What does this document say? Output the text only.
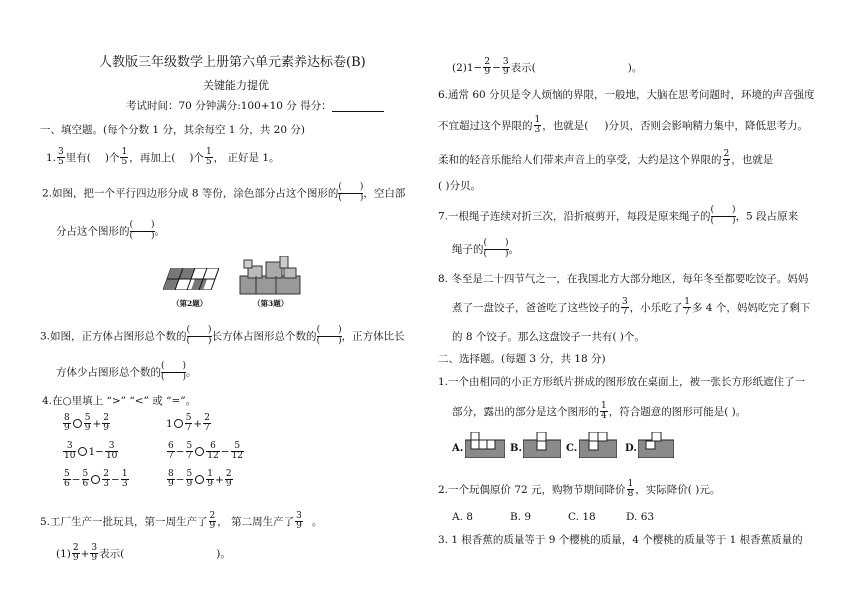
人教版三年级数学上册第六单元素养达标卷(B)
关键能力提优
考试时间：70 分钟满分:100+10 分 得分：
一、填空题。(每个分数 1 分，其余每空 1 分，共 20 分)
1. $\frac{3}{5}$ 里有( )个 $\frac{1}{5}$ ，再加上( )个 $\frac{1}{5}$ ， 正好是 1。
2.如图，把一个平行四边形分成 8 等份，涂色部分占这个图形的
(  )
(  ) ，空白部
分占这个图形的
(  )
(  ) 。
（第2题）	（第3题）
3.如图，正方体占图形总个数的
(  )
(  ) 长方体占图形总个数的
(  )
(  ) ，正方体比长
方体少占图形总个数的
(  )
(  ) 。
4.在○里填上 “>” “<” 或 “=”。
$\frac{8}{9} \frac{5}{9} + \frac{2}{9}$	$1 \frac{5}{7} + \frac{2}{7}$
$\frac{3}{10} 1- \frac{3}{10}$	$\frac{6}{7} - \frac{5}{7} \frac{6}{12} - \frac{5}{12}$
$\frac{5}{6} - \frac{5}{6} \frac{2}{3} - \frac{1}{3}$	$\frac{8}{9} - \frac{5}{9} \frac{1}{9} + \frac{2}{9}$
5.工厂生产一批玩具，第一周生产了 $\frac{2}{9}$ ， 第二周生产了 $\frac{3}{9}$ 。
$(1) \frac{2}{9} + \frac{3}{9}$ 表示(	)。
$(2)1- \frac{2}{9} - \frac{3}{9}$ 表示(	)。
6.通常 60 分贝是令人烦恼的界限，一般地，大脑在思考问题时，环境的声音强度
不宜超过这个界限的 $\frac{1}{3}$ ，也就是( )分贝，否则会影响精力集中，降低思考力。
柔和的轻音乐能给人们带来声音上的享受，大约是这个界限的 $\frac{2}{3}$ ，也就是
( )分贝。
7.一根绳子连续对折三次，沿折痕剪开，每段是原来绳子的
(  )
(  ) ，5 段占原来
绳子的
(  )
(  ) 。
8. 冬至是二十四节气之一，在我国北方大部分地区，每年冬至都要吃饺子。妈妈
煮了一盘饺子，爸爸吃了这些饺子的 $\frac{3}{7}$ ，小乐吃了 $\frac{1}{7}$ 多 4 个，妈妈吃完了剩下
的 8 个饺子。那么这盘饺子一共有( )个。
二、选择题。(每题 3 分，共 18 分)
1.一个由相同的小正方形纸片拼成的图形放在桌面上，被一张长方形纸遮住了一
部分，露出的部分是这个图形的 $\frac{1}{4}$ ，符合题意的图形可能是( )。
A.	B.	C.	D.
2.一个玩偶原价 72 元，购物节期间降价 $\frac{1}{8}$ ，实际降价( )元。
A. 8	B. 9	C. 18	D. 63
3. 1 根香蕉的质量等于 9 个樱桃的质量，4 个樱桃的质量等于 1 根香蕉质量的
